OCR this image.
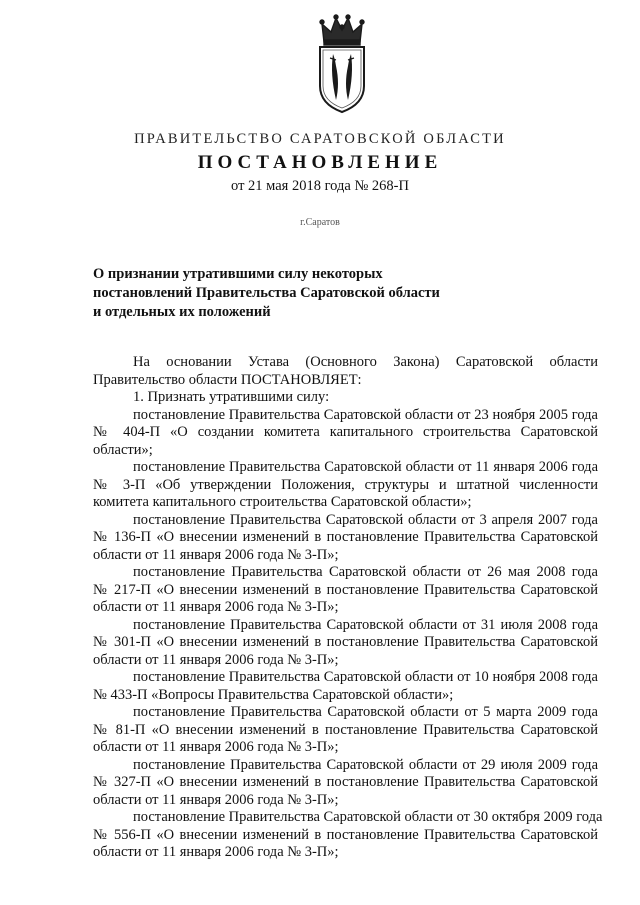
ПРАВИТЕЛЬСТВО САРАТОВСКОЙ ОБЛАСТИ
ПОСТАНОВЛЕНИЕ
от 21 мая 2018 года № 268-П
г.Саратов
О признании утратившими силу некоторых
постановлений Правительства Саратовской области
и отдельных их положений
На основании Устава (Основного Закона) Саратовской области
Правительство области ПОСТАНОВЛЯЕТ:
1. Признать утратившими силу:
постановление Правительства Саратовской области от 23 ноября 2005 года
№ 404-П «О создании комитета капитального строительства Саратовской
области»;
постановление Правительства Саратовской области от 11 января 2006 года
№ 3-П «Об утверждении Положения, структуры и штатной численности
комитета капитального строительства Саратовской области»;
постановление Правительства Саратовской области от 3 апреля 2007 года
№ 136-П «О внесении изменений в постановление Правительства Саратовской
области от 11 января 2006 года № 3-П»;
постановление Правительства Саратовской области от 26 мая 2008 года
№ 217-П «О внесении изменений в постановление Правительства Саратовской
области от 11 января 2006 года № 3-П»;
постановление Правительства Саратовской области от 31 июля 2008 года
№ 301-П «О внесении изменений в постановление Правительства Саратовской
области от 11 января 2006 года № 3-П»;
постановление Правительства Саратовской области от 10 ноября 2008 года
№ 433-П «Вопросы Правительства Саратовской области»;
постановление Правительства Саратовской области от 5 марта 2009 года
№ 81-П «О внесении изменений в постановление Правительства Саратовской
области от 11 января 2006 года № 3-П»;
постановление Правительства Саратовской области от 29 июля 2009 года
№ 327-П «О внесении изменений в постановление Правительства Саратовской
области от 11 января 2006 года № 3-П»;
постановление Правительства Саратовской области от 30 октября 2009 года
№ 556-П «О внесении изменений в постановление Правительства Саратовской
области от 11 января 2006 года № 3-П»;
